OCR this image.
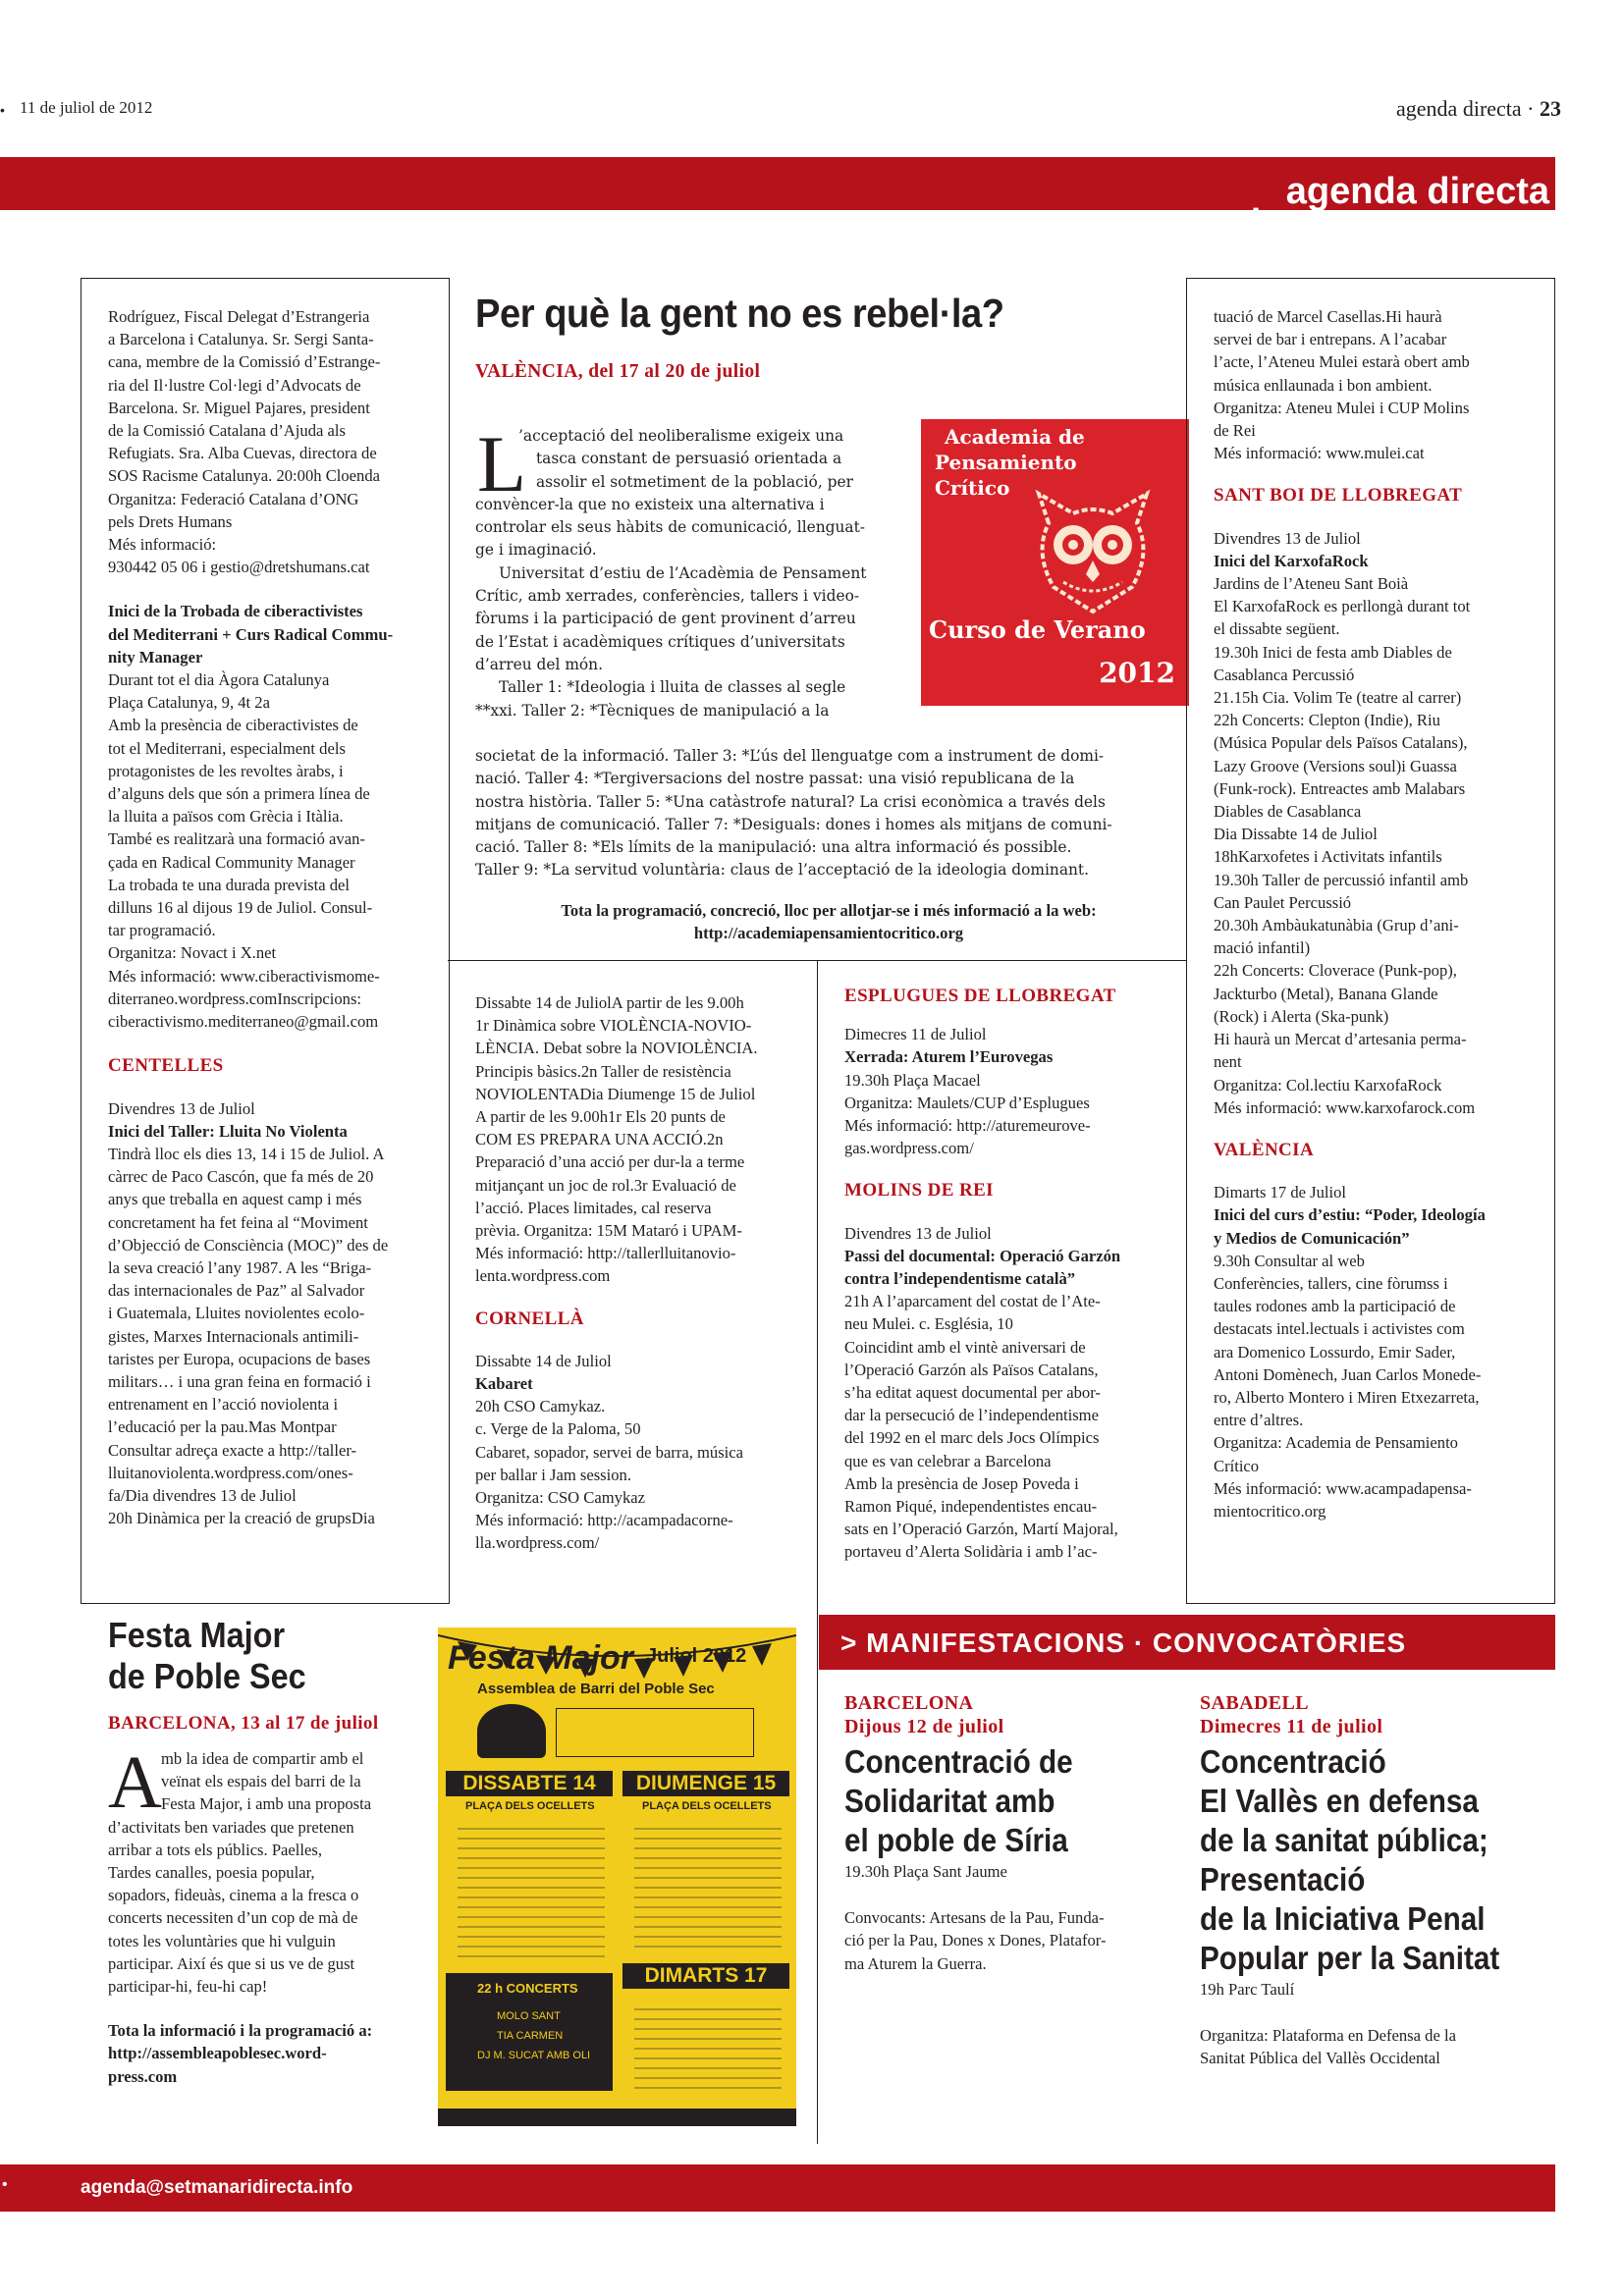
• 11 de juliol de 2012	agenda directa · 23
, agenda directa

Rodríguez, Fiscal Delegat d’Estrangeria

a Barcelona i Catalunya. Sr. Sergi Santa-

cana, membre de la Comissió d’Estrange-

ria del Il·lustre Col·legi d’Advocats de

Barcelona. Sr. Miguel Pajares, president

de la Comissió Catalana d’Ajuda als

Refugiats. Sra. Alba Cuevas, directora de

SOS Racisme Catalunya. 20:00h Cloenda

Organitza: Federació Catalana d’ONG

pels Drets Humans

Més informació:

930442 05 06 i gestio@dretshumans.cat

Inici de la Trobada de ciberactivistes

del Mediterrani + Curs Radical Commu-

nity Manager

Durant tot el dia Àgora Catalunya

Plaça Catalunya, 9, 4t 2a

Amb la presència de ciberactivistes de

tot el Mediterrani, especialment dels

protagonistes de les revoltes àrabs, i

d’alguns dels que són a primera línea de

la lluita a països com Grècia i Itàlia.

També es realitzarà una formació avan-

çada en Radical Community Manager

La trobada te una durada prevista del

dilluns 16 al dijous 19 de Juliol. Consul-

tar programació.

Organitza: Novact i X.net

Més informació: www.ciberactivismome-

diterraneo.wordpress.comInscripcions:

ciberactivismo.mediterraneo@gmail.com

CENTELLES

Divendres 13 de Juliol

Inici del Taller: Lluita No Violenta

Tindrà lloc els dies 13, 14 i 15 de Juliol. A

càrrec de Paco Cascón, que fa més de 20

anys que treballa en aquest camp i més

concretament ha fet feina al “Moviment

d’Objecció de Consciència (MOC)” des de

la seva creació l’any 1987. A les “Briga-

das internacionales de Paz” al Salvador

i Guatemala, Lluites noviolentes ecolo-

gistes, Marxes Internacionals antimili-

taristes per Europa, ocupacions de bases

militars… i una gran feina en formació i

entrenament en l’acció noviolenta i

l’educació per la pau.Mas Montpar

Consultar adreça exacte a http://taller-

lluitanoviolenta.wordpress.com/ones-

fa/Dia divendres 13 de Juliol

20h Dinàmica per la creació de grupsDia

Per què la gent no es rebel·la?
VALÈNCIA, del 17 al 20 de juliol
L

’acceptació del neoliberalisme exigeix una

tasca constant de persuasió orientada a

assolir el sotmetiment de la població, per

convèncer-la que no existeix una alternativa i

controlar els seus hàbits de comunicació, llenguat-

ge i imaginació.

Universitat d’estiu de l’Acadèmia de Pensament

Crític, amb xerrades, conferències, tallers i video-

fòrums i la participació de gent provinent d’arreu

de l’Estat i acadèmiques crítiques d’universitats

d’arreu del món.

Taller 1: *Ideologia i lluita de classes al segle

**xxi. Taller 2: *Tècniques de manipulació a la

societat de la informació. Taller 3: *L’ús del llenguatge com a instrument de domi-

nació. Taller 4: *Tergiversacions del nostre passat: una visió republicana de la

nostra història. Taller 5: *Una catàstrofe natural? La crisi econòmica a través dels

mitjans de comunicació. Taller 7: *Desiguals: dones i homes als mitjans de comuni-

cació. Taller 8: *Els límits de la manipulació: una altra informació és possible.

Taller 9: *La servitud voluntària: claus de l’acceptació de la ideologia dominant.

Tota la programació, concreció, lloc per allotjar-se i més informació a la web:
http://academiapensamientocritico.org
Academia de
Pensamiento
Crítico
Curso de Verano
2012

Dissabte 14 de JuliolA partir de les 9.00h

1r Dinàmica sobre VIOLÈNCIA-NOVIO-

LÈNCIA. Debat sobre la NOVIOLÈNCIA.

Principis bàsics.2n Taller de resistència

NOVIOLENTADia Diumenge 15 de Juliol

A partir de les 9.00h1r Els 20 punts de

COM ES PREPARA UNA ACCIÓ.2n

Preparació d’una acció per dur-la a terme

mitjançant un joc de rol.3r Evaluació de

l’acció. Places limitades, cal reserva

prèvia. Organitza: 15M Mataró i UPAM-

Més informació: http://tallerlluitanovio-

lenta.wordpress.com

CORNELLÀ

Dissabte 14 de Juliol

Kabaret

20h CSO Camykaz.

c. Verge de la Paloma, 50

Cabaret, sopador, servei de barra, música

per ballar i Jam session.

Organitza: CSO Camykaz

Més informació: http://acampadacorne-

lla.wordpress.com/

ESPLUGUES DE LLOBREGAT

Dimecres 11 de Juliol

Xerrada: Aturem l’Eurovegas

19.30h Plaça Macael

Organitza: Maulets/CUP d’Esplugues

Més informació: http://aturemeurove-

gas.wordpress.com/

MOLINS DE REI

Divendres 13 de Juliol

Passi del documental: Operació Garzón

contra l’independentisme català”

21h A l’aparcament del costat de l’Ate-

neu Mulei. c. Església, 10

Coincidint amb el vintè aniversari de

l’Operació Garzón als Països Catalans,

s’ha editat aquest documental per abor-

dar la persecució de l’independentisme

del 1992 en el marc dels Jocs Olímpics

que es van celebrar a Barcelona

Amb la presència de Josep Poveda i

Ramon Piqué, independentistes encau-

sats en l’Operació Garzón, Martí Majoral,

portaveu d’Alerta Solidària i amb l’ac-

tuació de Marcel Casellas.Hi haurà

servei de bar i entrepans. A l’acabar

l’acte, l’Ateneu Mulei estarà obert amb

música enllaunada i bon ambient.

Organitza: Ateneu Mulei i CUP Molins

de Rei

Més informació: www.mulei.cat

SANT BOI DE LLOBREGAT

Divendres 13 de Juliol

Inici del KarxofaRock

Jardins de l’Ateneu Sant Boià

El KarxofaRock es perllongà durant tot

el dissabte següent.

19.30h Inici de festa amb Diables de

Casablanca Percussió

21.15h Cia. Volim Te (teatre al carrer)

22h Concerts: Clepton (Indie), Riu

(Música Popular dels Països Catalans),

Lazy Groove (Versions soul)i Guassa

(Funk-rock). Entreactes amb Malabars

Diables de Casablanca

Dia Dissabte 14 de Juliol

18hKarxofetes i Activitats infantils

19.30h Taller de percussió infantil amb

Can Paulet Percussió

20.30h Ambàukatunàbia (Grup d’ani-

mació infantil)

22h Concerts: Cloverace (Punk-pop),

Jackturbo (Metal), Banana Glande

(Rock) i Alerta (Ska-punk)

Hi haurà un Mercat d’artesania perma-

nent

Organitza: Col.lectiu KarxofaRock

Més informació: www.karxofarock.com

VALÈNCIA

Dimarts 17 de Juliol

Inici del curs d’estiu: “Poder, Ideología

y Medios de Comunicación”

9.30h Consultar al web

Conferències, tallers, cine fòrumss i

taules rodones amb la participació de

destacats intel.lectuals i activistes com

ara Domenico Lossurdo, Emir Sader,

Antoni Domènech, Juan Carlos Monede-

ro, Alberto Montero i Miren Etxezarreta,

entre d’altres.

Organitza: Academia de Pensamiento

Crítico

Més informació: www.acampadapensa-

mientocritico.org

Festa Major
de Poble Sec
BARCELONA, 13 al 17 de juliol
A mb la idea de compartir amb el

veïnat els espais del barri de la

Festa Major, i amb una proposta

d’activitats ben variades que pretenen

arribar a tots els públics. Paelles,

Tardes canalles, poesia popular,

sopadors, fideuàs, cinema a la fresca o

concerts necessiten d’un cop de mà de

totes les voluntàries que hi vulguin

participar. Així és que si us ve de gust

participar-hi, feu-hi cap!

Tota la informació i la programació a:

http://assembleapoblesec.word-

press.com

Festa Major Juliol 2012
Assemblea de Barri del Poble Sec
DISSABTE 14	DIUMENGE 15
PLAÇA DELS OCELLETS	PLAÇA DELS OCELLETS
22 h CONCERTS
MOLO SANT
TIA CARMEN
DJ M. SUCAT AMB OLI
DIMARTS 17
> MANIFESTACIONS · CONVOCATÒRIES
BARCELONA
Dijous 12 de juliol
Concentració de
Solidaritat amb
el poble de Síria
19.30h Plaça Sant Jaume

Convocants: Artesans de la Pau, Funda-

ció per la Pau, Dones x Dones, Platafor-

ma Aturem la Guerra.

SABADELL
Dimecres 11 de juliol
Concentració
El Vallès en defensa
de la sanitat pública;
Presentació
de la Iniciativa Penal
Popular per la Sanitat
19h Parc Taulí

Organitza: Plataforma en Defensa de la

Sanitat Pública del Vallès Occidental

•	agenda@setmanaridirecta.info
